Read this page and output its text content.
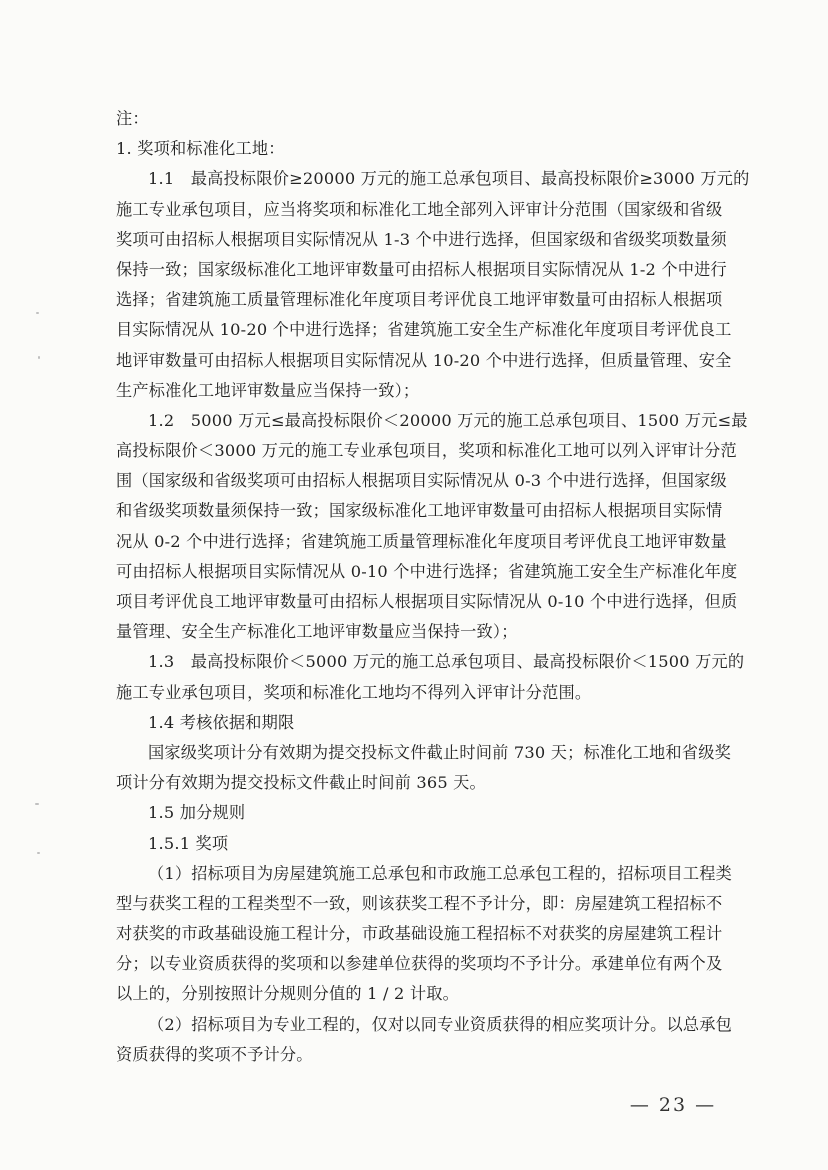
注：
1. 奖项和标准化工地：
1.1　最高投标限价≥20000 万元的施工总承包项目、最高投标限价≥3000 万元的
施工专业承包项目，应当将奖项和标准化工地全部列入评审计分范围（国家级和省级
奖项可由招标人根据项目实际情况从 1-3 个中进行选择，但国家级和省级奖项数量须
保持一致；国家级标准化工地评审数量可由招标人根据项目实际情况从 1-2 个中进行
选择；省建筑施工质量管理标准化年度项目考评优良工地评审数量可由招标人根据项
目实际情况从 10-20 个中进行选择；省建筑施工安全生产标准化年度项目考评优良工
地评审数量可由招标人根据项目实际情况从 10-20 个中进行选择，但质量管理、安全
生产标准化工地评审数量应当保持一致）；
1.2　5000 万元≤最高投标限价＜20000 万元的施工总承包项目、1500 万元≤最
高投标限价＜3000 万元的施工专业承包项目，奖项和标准化工地可以列入评审计分范
围（国家级和省级奖项可由招标人根据项目实际情况从 0-3 个中进行选择，但国家级
和省级奖项数量须保持一致；国家级标准化工地评审数量可由招标人根据项目实际情
况从 0-2 个中进行选择；省建筑施工质量管理标准化年度项目考评优良工地评审数量
可由招标人根据项目实际情况从 0-10 个中进行选择；省建筑施工安全生产标准化年度
项目考评优良工地评审数量可由招标人根据项目实际情况从 0-10 个中进行选择，但质
量管理、安全生产标准化工地评审数量应当保持一致）；
1.3　最高投标限价＜5000 万元的施工总承包项目、最高投标限价＜1500 万元的
施工专业承包项目，奖项和标准化工地均不得列入评审计分范围。
1.4 考核依据和期限
国家级奖项计分有效期为提交投标文件截止时间前 730 天；标准化工地和省级奖
项计分有效期为提交投标文件截止时间前 365 天。
1.5 加分规则
1.5.1 奖项
（1）招标项目为房屋建筑施工总承包和市政施工总承包工程的，招标项目工程类
型与获奖工程的工程类型不一致，则该获奖工程不予计分，即：房屋建筑工程招标不
对获奖的市政基础设施工程计分，市政基础设施工程招标不对获奖的房屋建筑工程计
分；以专业资质获得的奖项和以参建单位获得的奖项均不予计分。承建单位有两个及
以上的，分别按照计分规则分值的 1 / 2 计取。
（2）招标项目为专业工程的，仅对以同专业资质获得的相应奖项计分。以总承包
资质获得的奖项不予计分。
— 23 —
